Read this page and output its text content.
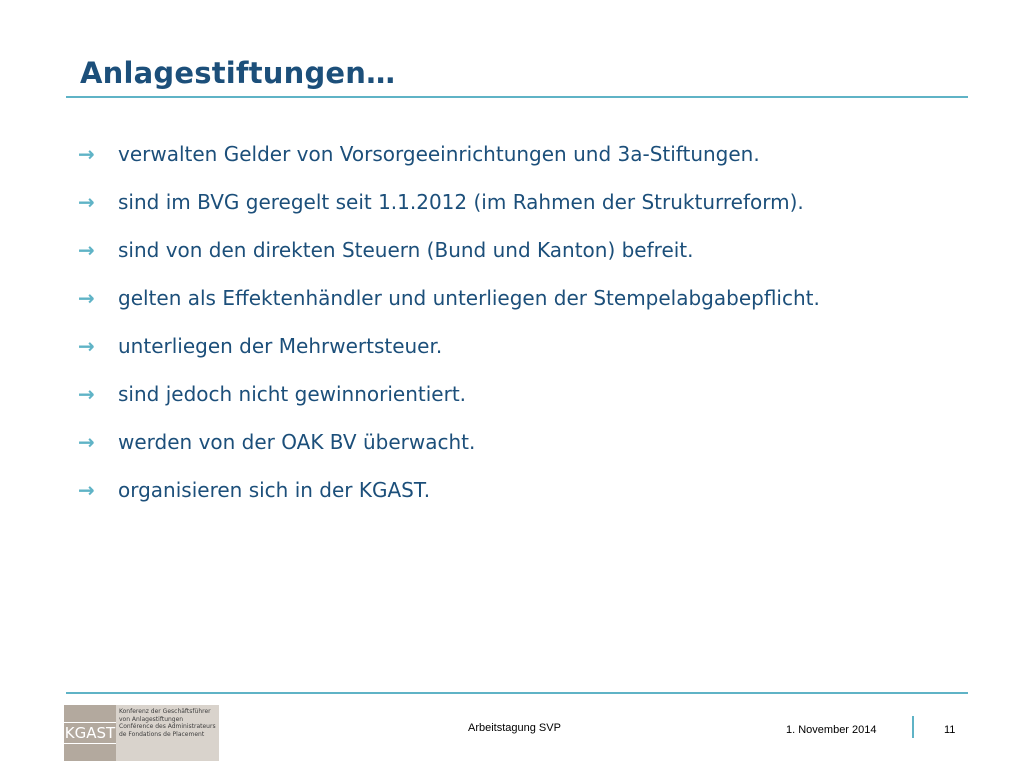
Anlagestiftungen…
→	verwalten Gelder von Vorsorgeeinrichtungen und 3a-Stiftungen.
→	sind im BVG geregelt seit 1.1.2012 (im Rahmen der Strukturreform).
→	sind von den direkten Steuern (Bund und Kanton) befreit.
→	gelten als Effektenhändler und unterliegen der Stempelabgabepflicht.
→	unterliegen der Mehrwertsteuer.
→	sind jedoch nicht gewinnorientiert.
→	werden von der OAK BV überwacht.
→	organisieren sich in der KGAST.
KGAST
Konferenz der Geschäftsführer
von Anlagestiftungen
Conférence des Administrateurs
de Fondations de Placement	Arbeitstagung SVP	1. November 2014	11
